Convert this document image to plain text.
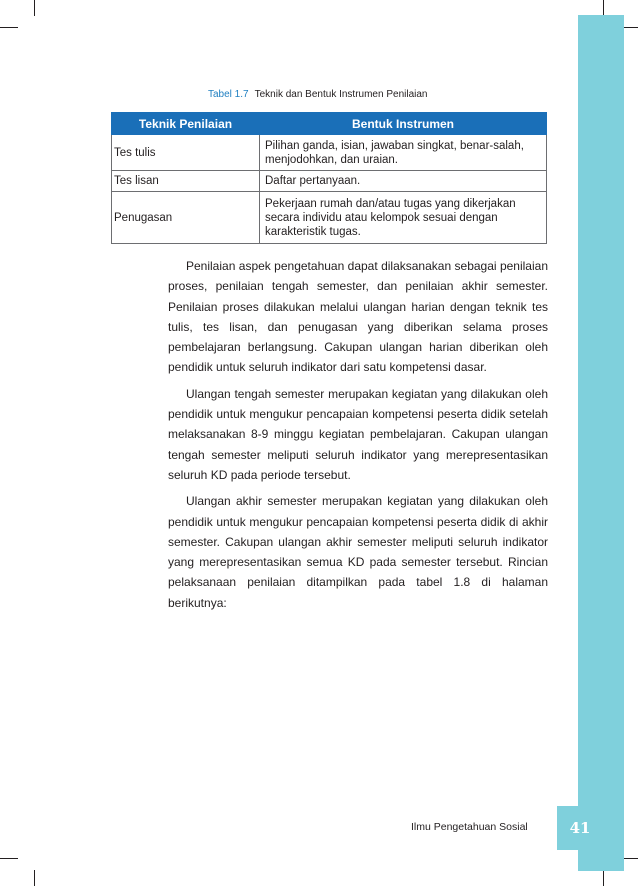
Tabel 1.7 Teknik dan Bentuk Instrumen Penilaian
Teknik Penilaian	Bentuk Instrumen
Tes tulis	Pilihan ganda, isian, jawaban singkat, benar-salah, menjodohkan, dan uraian.
Tes lisan	Daftar pertanyaan.
Penugasan	Pekerjaan rumah dan/atau tugas yang dikerjakan secara individu atau kelompok sesuai dengan karakteristik tugas.

Penilaian aspek pengetahuan dapat dilaksanakan sebagai penilaian proses, penilaian tengah semester, dan penilaian akhir semester. Penilaian proses dilakukan melalui ulangan harian dengan teknik tes tulis, tes lisan, dan penugasan yang diberikan selama proses pembelajaran berlangsung. Cakupan ulangan harian diberikan oleh pendidik untuk seluruh indikator dari satu kompetensi dasar.

Ulangan tengah semester merupakan kegiatan yang dilakukan oleh pendidik untuk mengukur pencapaian kompetensi peserta didik setelah melaksanakan 8-9 minggu kegiatan pembelajaran. Cakupan ulangan tengah semester meliputi seluruh indikator yang merepresentasikan seluruh KD pada periode tersebut.

Ulangan akhir semester merupakan kegiatan yang dilakukan oleh pendidik untuk mengukur pencapaian kompetensi peserta didik di akhir semester. Cakupan ulangan akhir semester meliputi seluruh indikator yang merepresentasikan semua KD pada semester tersebut. Rincian pelaksanaan penilaian ditampilkan pada tabel 1.8 di halaman berikutnya:

Ilmu Pengetahuan Sosial	41
